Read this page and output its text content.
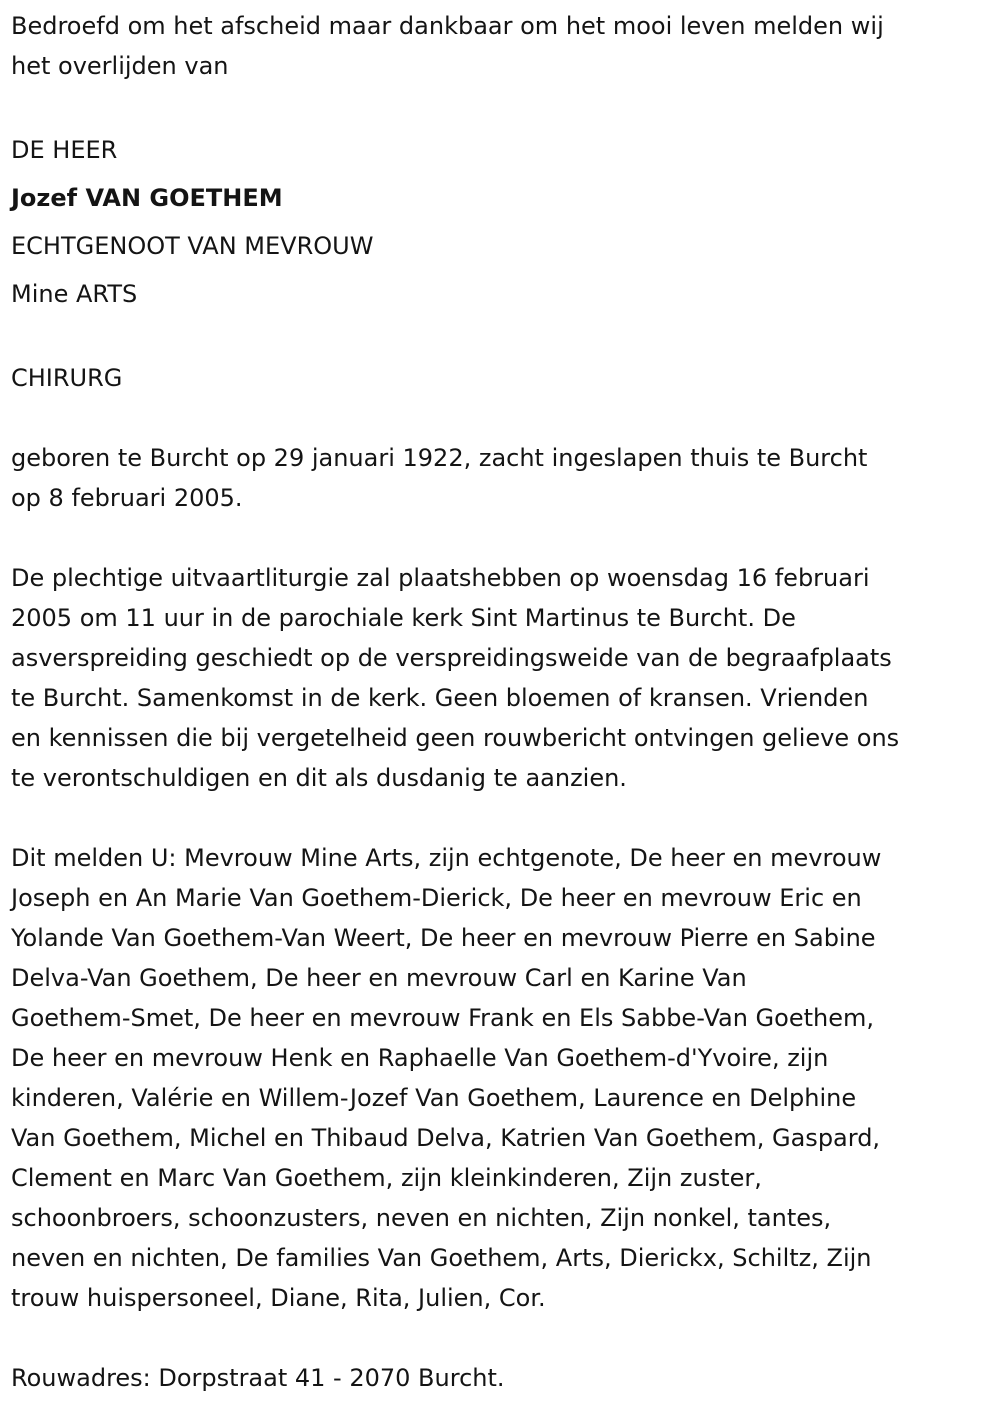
Bedroefd om het afscheid maar dankbaar om het mooi leven melden wij
het overlijden van

DE HEER
Jozef VAN GOETHEM
ECHTGENOOT VAN MEVROUW
Mine ARTS

CHIRURG

geboren te Burcht op 29 januari 1922, zacht ingeslapen thuis te Burcht
op 8 februari 2005.

De plechtige uitvaartliturgie zal plaatshebben op woensdag 16 februari
2005 om 11 uur in de parochiale kerk Sint Martinus te Burcht. De
asverspreiding geschiedt op de verspreidingsweide van de begraafplaats
te Burcht. Samenkomst in de kerk. Geen bloemen of kransen. Vrienden
en kennissen die bij vergetelheid geen rouwbericht ontvingen gelieve ons
te verontschuldigen en dit als dusdanig te aanzien.

Dit melden U: Mevrouw Mine Arts, zijn echtgenote, De heer en mevrouw
Joseph en An Marie Van Goethem-Dierick, De heer en mevrouw Eric en
Yolande Van Goethem-Van Weert, De heer en mevrouw Pierre en Sabine
Delva-Van Goethem, De heer en mevrouw Carl en Karine Van
Goethem-Smet, De heer en mevrouw Frank en Els Sabbe-Van Goethem,
De heer en mevrouw Henk en Raphaelle Van Goethem-d'Yvoire, zijn
kinderen, Valérie en Willem-Jozef Van Goethem, Laurence en Delphine
Van Goethem, Michel en Thibaud Delva, Katrien Van Goethem, Gaspard,
Clement en Marc Van Goethem, zijn kleinkinderen, Zijn zuster,
schoonbroers, schoonzusters, neven en nichten, Zijn nonkel, tantes,
neven en nichten, De families Van Goethem, Arts, Dierickx, Schiltz, Zijn
trouw huispersoneel, Diane, Rita, Julien, Cor.

Rouwadres: Dorpstraat 41 - 2070 Burcht.
